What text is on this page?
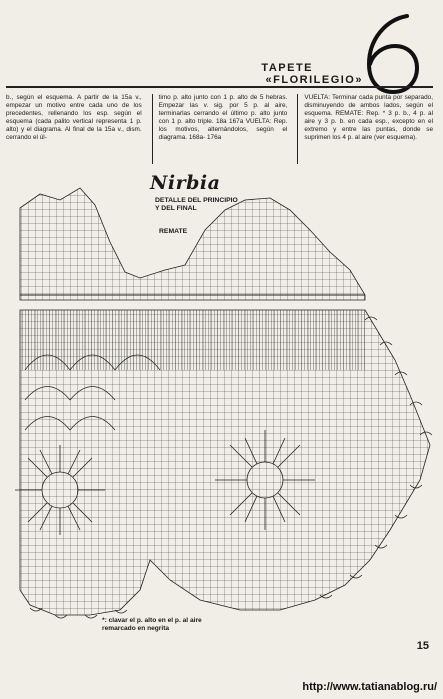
TAPETE
«FLORILEGIO»
b., según el esquema. A partir de la 15a v., empezar un motivo entre cada uno de los precedentes, rellenando los esp. según el esquema (cada palito vertical representa 1 p. alto) y el diagrama. Al final de la 15a v., dism. cerrando el úl-
timo p. alto junto con 1 p. alto de 5 hebras. Empezar las v. sig. por 5 p. al aire, terminarlas cerrando el último p. alto junto con 1 p. alto triple. 18a 167a VUELTA: Rep. los motivos, alternándolos, según el diagrama. 168a- 176a
VUELTA: Terminar cada punta por separado, disminuyendo de ambos lados, según el esquema. REMATE: Rep. * 3 p. b., 4 p. al aire y 3 p. b. en cada esp., excepto en el extremo y entre las puntas, donde se suprimen los 4 p. al aire (ver esquema).
Nirbia
DETALLE DEL PRINCIPIO
Y DEL FINAL
REMATE
*: clavar el p. alto en el p. al aire
remarcado en negrita
15
http://www.tatianablog.ru/
